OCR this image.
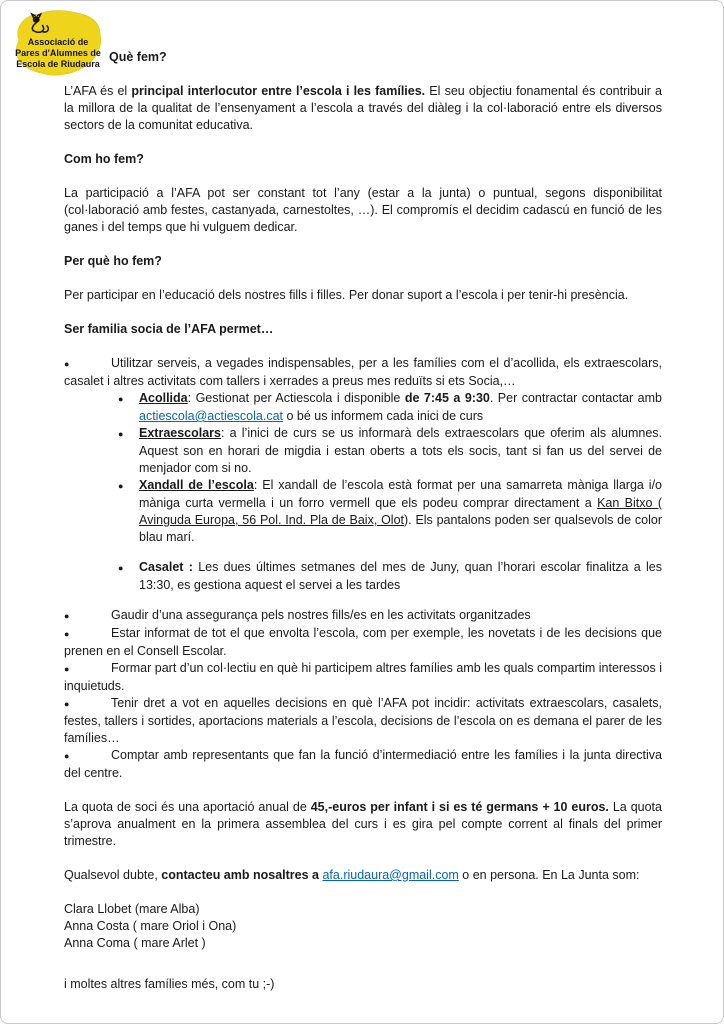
Associació de
Pares d'Alumnes de
Escola de Riudaura Què fem?

L’AFA és el principal interlocutor entre l’escola i les famílies. El seu objectiu fonamental és contribuir a la millora de la qualitat de l’ensenyament a l’escola a través del diàleg i la col·laboració entre els diversos sectors de la comunitat educativa.

Com ho fem?

La participació a l’AFA pot ser constant tot l’any (estar a la junta) o puntual, segons disponibilitat (col·laboració amb festes, castanyada, carnestoltes, …). El compromís el decidim cadascú en funció de les ganes i del temps que hi vulguem dedicar.

Per què ho fem?

Per participar en l’educació dels nostres fills i filles. Per donar suport a l’escola i per tenir-hi presència.

Ser familia socia de l’AFA permet…

●	Utilitzar serveis, a vegades indispensables, per a les famílies com el d’acollida, els extraescolars, casalet i altres activitats com tallers i xerrades a preus mes reduïts si ets Socia,…

● Acollida: Gestionat per Actiescola i disponible de 7:45 a 9:30. Per contractar contactar amb actiescola@actiescola.cat o bé us informem cada inici de curs

● Extraescolars: a l’inici de curs se us informarà dels extraescolars que oferim als alumnes. Aquest son en horari de migdia i estan oberts a tots els socis, tant si fan us del servei de menjador com si no.

● Xandall de l’escola: El xandall de l’escola està format per una samarreta màniga llarga i/o màniga curta vermella i un forro vermell que els podeu comprar directament a Kan Bitxo ( Avinguda Europa, 56 Pol. Ind. Pla de Baix, Olot). Els pantalons poden ser qualsevols de color blau marí.

● Casalet : Les dues últimes setmanes del mes de Juny, quan l’horari escolar finalitza a les 13:30, es gestiona aquest el servei a les tardes

●	Gaudir d’una assegurança pels nostres fills/es en les activitats organitzades

●	Estar informat de tot el que envolta l’escola, com per exemple, les novetats i de les decisions que prenen en el Consell Escolar.

●	Formar part d’un col·lectiu en què hi participem altres famílies amb les quals compartim interessos i inquietuds.

●	Tenir dret a vot en aquelles decisions en què l’AFA pot incidir: activitats extraescolars, casalets, festes, tallers i sortides, aportacions materials a l’escola, decisions de l’escola on es demana el parer de les famílies…

●	Comptar amb representants que fan la funció d’intermediació entre les famílies i la junta directiva del centre.

La quota de soci és una aportació anual de 45,-euros per infant i si es té germans + 10 euros. La quota s’aprova anualment en la primera assemblea del curs i es gira pel compte corrent al finals del primer trimestre.

Qualsevol dubte, contacteu amb nosaltres a afa.riudaura@gmail.com o en persona. En La Junta som:

Clara Llobet (mare Alba)

Anna Costa ( mare Oriol i Ona)

Anna Coma ( mare Arlet )

i moltes altres famílies més, com tu ;-)
